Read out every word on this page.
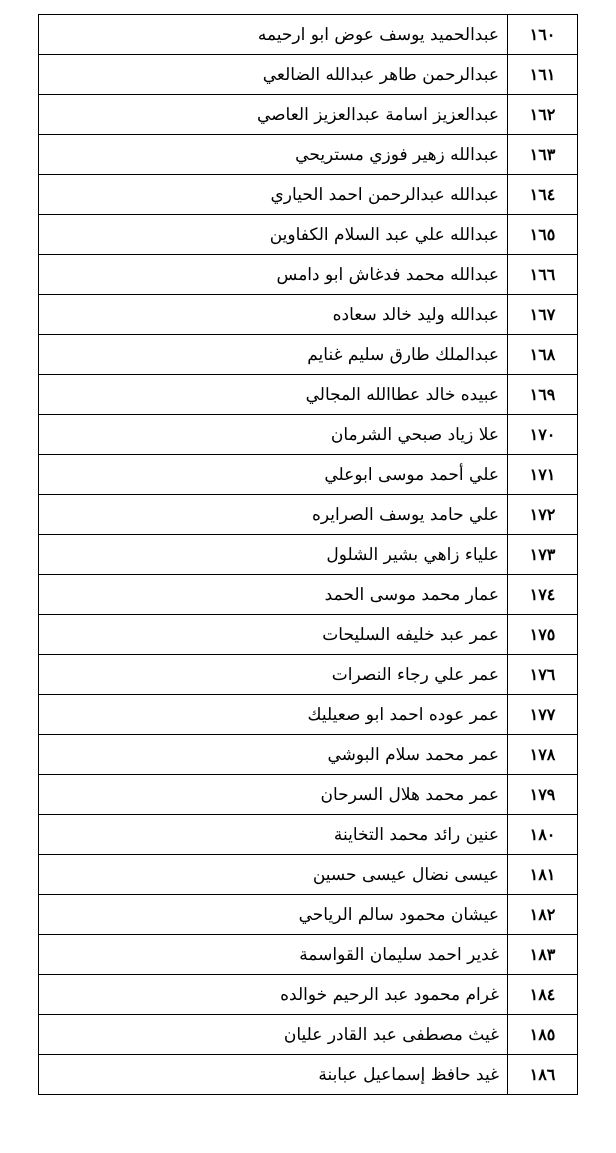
١٦٠	عبدالحميد يوسف عوض ابو ارحيمه
١٦١	عبدالرحمن طاهر عبدالله الضالعي
١٦٢	عبدالعزيز اسامة عبدالعزيز العاصي
١٦٣	عبدالله زهير فوزي مستريحي
١٦٤	عبدالله عبدالرحمن احمد الحياري
١٦٥	عبدالله علي عبد السلام الكفاوين
١٦٦	عبدالله محمد فدغاش ابو دامس
١٦٧	عبدالله وليد خالد سعاده
١٦٨	عبدالملك طارق سليم غنايم
١٦٩	عبيده خالد عطاالله المجالي
١٧٠	علا زياد صبحي الشرمان
١٧١	علي أحمد موسى ابوعلي
١٧٢	علي حامد يوسف الصرايره
١٧٣	علياء زاهي بشير الشلول
١٧٤	عمار محمد موسى الحمد
١٧٥	عمر عبد خليفه السليحات
١٧٦	عمر علي رجاء النصرات
١٧٧	عمر عوده احمد ابو صعيليك
١٧٨	عمر محمد سلام البوشي
١٧٩	عمر محمد هلال السرحان
١٨٠	عنين رائد محمد التخاينة
١٨١	عيسى نضال عيسى حسين
١٨٢	عيشان محمود سالم الرياحي
١٨٣	غدير احمد سليمان القواسمة
١٨٤	غرام محمود عبد الرحيم خوالده
١٨٥	غيث مصطفى عبد القادر عليان
١٨٦	غيد حافظ إسماعيل عبابنة
